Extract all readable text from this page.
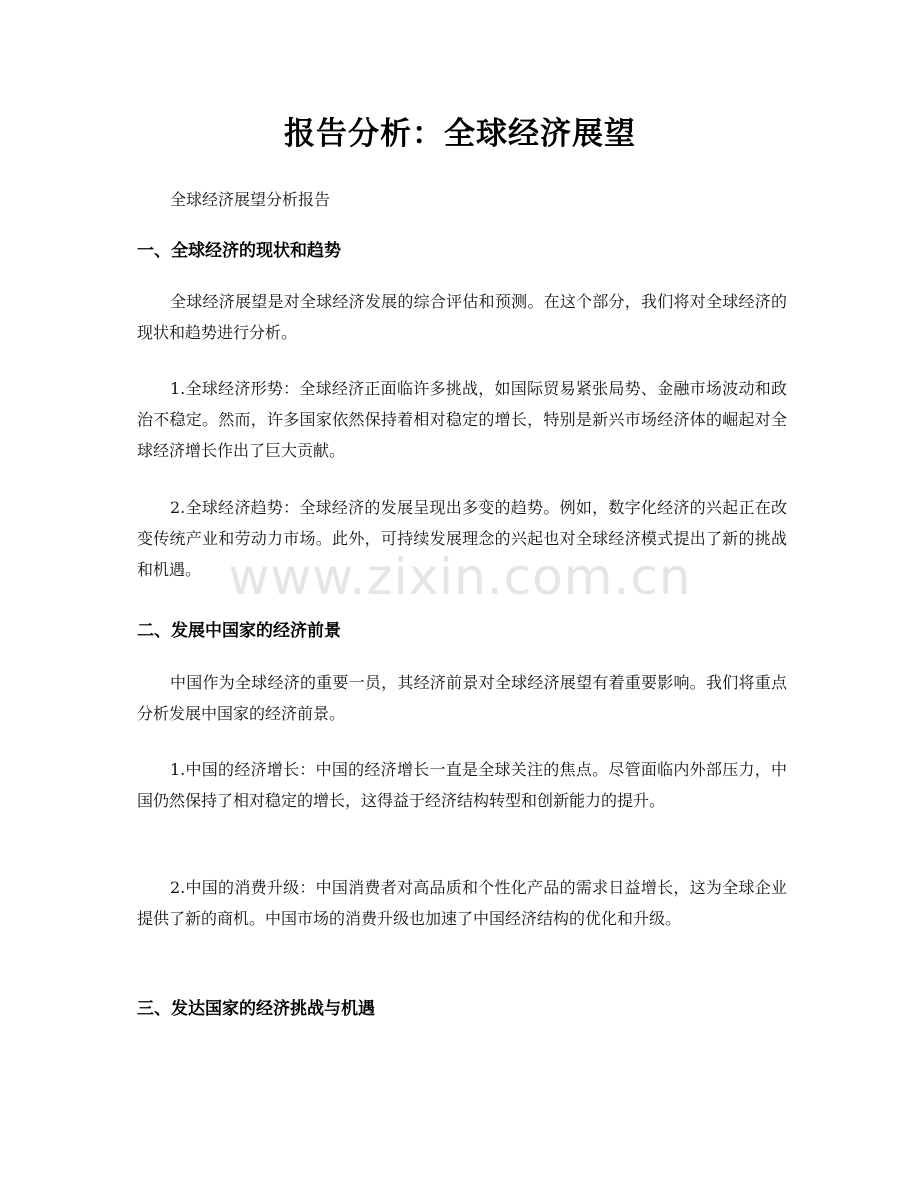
报告分析：全球经济展望
全球经济展望分析报告
一、全球经济的现状和趋势

全球经济展望是对全球经济发展的综合评估和预测。在这个部分，我们将对全球经济的现状和趋势进行分析。

1.全球经济形势：全球经济正面临许多挑战，如国际贸易紧张局势、金融市场波动和政治不稳定。然而，许多国家依然保持着相对稳定的增长，特别是新兴市场经济体的崛起对全球经济增长作出了巨大贡献。

2.全球经济趋势：全球经济的发展呈现出多变的趋势。例如，数字化经济的兴起正在改变传统产业和劳动力市场。此外，可持续发展理念的兴起也对全球经济模式提出了新的挑战和机遇。

二、发展中国家的经济前景

中国作为全球经济的重要一员，其经济前景对全球经济展望有着重要影响。我们将重点分析发展中国家的经济前景。

1.中国的经济增长：中国的经济增长一直是全球关注的焦点。尽管面临内外部压力，中国仍然保持了相对稳定的增长，这得益于经济结构转型和创新能力的提升。

2.中国的消费升级：中国消费者对高品质和个性化产品的需求日益增长，这为全球企业提供了新的商机。中国市场的消费升级也加速了中国经济结构的优化和升级。

三、发达国家的经济挑战与机遇
www.zixin.com.cn
